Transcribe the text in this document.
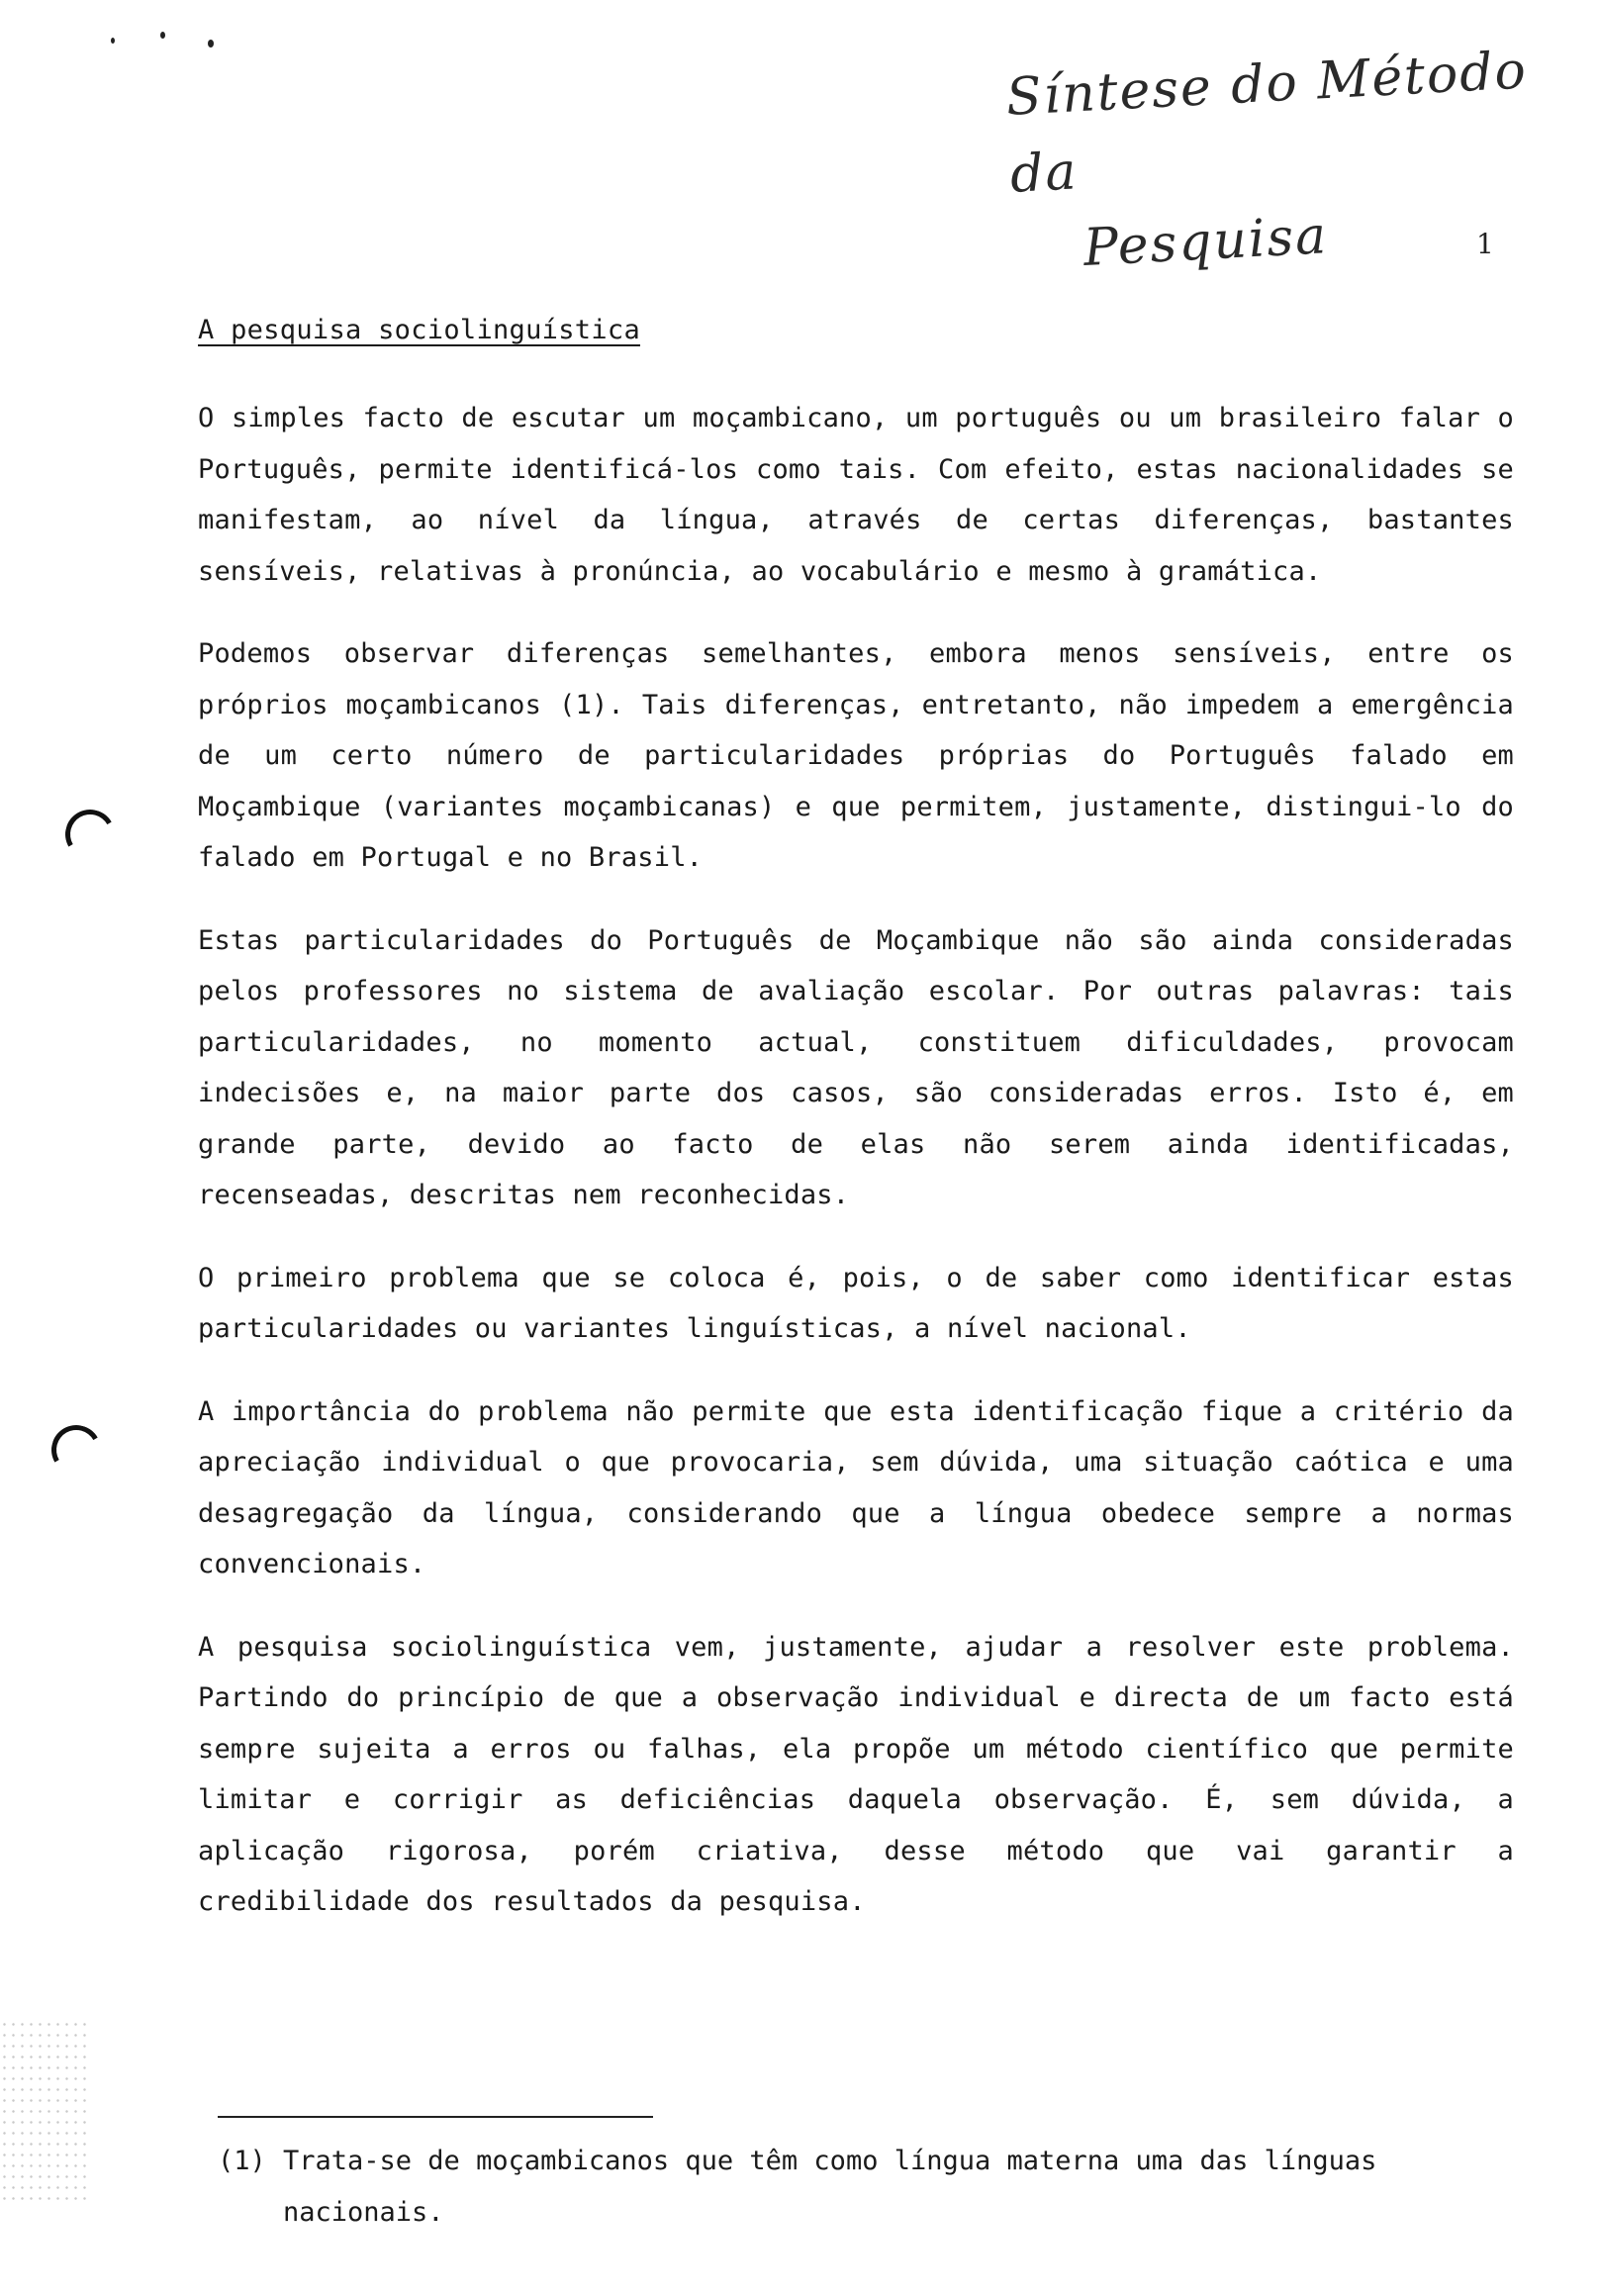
Síntese do Método da
Pesquisa	1
A pesquisa sociolinguística

O simples facto de escutar um moçambicano, um português ou um brasileiro falar o Português, permite identificá-los como tais. Com efeito, estas nacionalidades se manifestam, ao nível da língua, através de certas diferenças, bastantes sensíveis, relativas à pronúncia, ao vocabulário e mesmo à gramática.

Podemos observar diferenças semelhantes, embora menos sensíveis, entre os próprios moçambicanos (1). Tais diferenças, entretanto, não impedem a emergência de um certo número de particularidades próprias do Português falado em Moçambique (variantes moçambicanas) e que permitem, justamente, distingui-lo do falado em Portugal e no Brasil.

Estas particularidades do Português de Moçambique não são ainda consideradas pelos professores no sistema de avaliação escolar. Por outras palavras: tais particularidades, no momento actual, constituem dificuldades, provocam indecisões e, na maior parte dos casos, são consideradas erros. Isto é, em grande parte, devido ao facto de elas não serem ainda identificadas, recenseadas, descritas nem reconhecidas.

O primeiro problema que se coloca é, pois, o de saber como identificar estas particularidades ou variantes linguísticas, a nível nacional.

A importância do problema não permite que esta identificação fique a critério da apreciação individual o que provocaria, sem dúvida, uma situação caótica e uma desagregação da língua, considerando que a língua obedece sempre a normas convencionais.

A pesquisa sociolinguística vem, justamente, ajudar a resolver este problema. Partindo do princípio de que a observação individual e directa de um facto está sempre sujeita a erros ou falhas, ela propõe um método científico que permite limitar e corrigir as deficiências daquela observação. É, sem dúvida, a aplicação rigorosa, porém criativa, desse método que vai garantir a credibilidade dos resultados da pesquisa.

(1) Trata-se de moçambicanos que têm como língua materna uma das línguas nacionais.
